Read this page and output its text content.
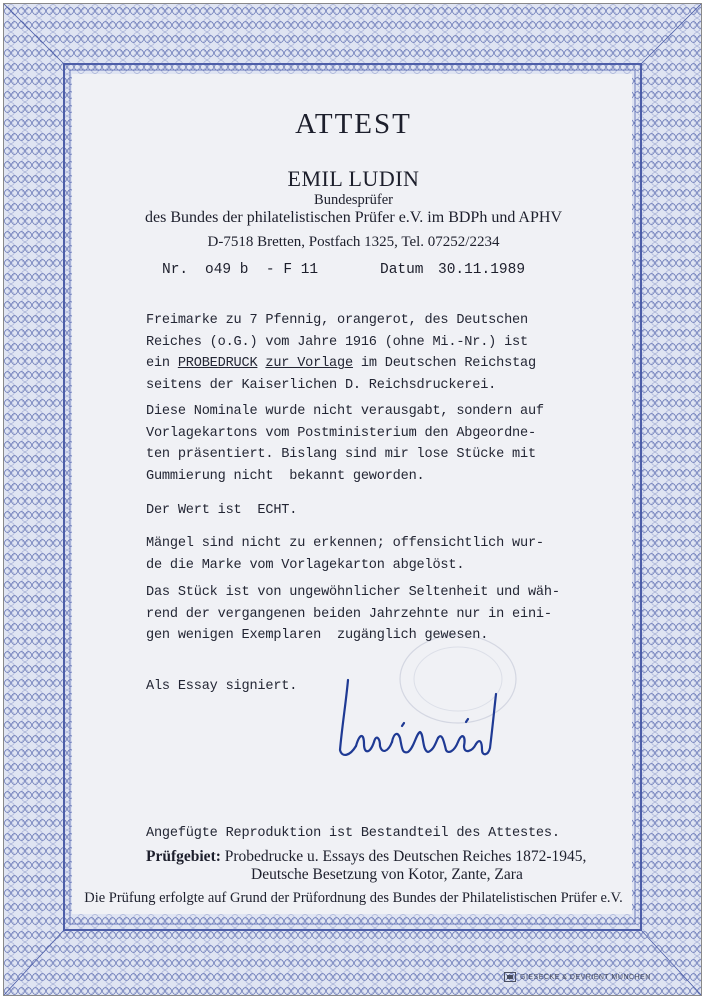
ATTEST
EMIL LUDIN
Bundesprüfer
des Bundes der philatelistischen Prüfer e.V. im BDPh und APHV
D-7518 Bretten, Postfach 1325, Tel. 07252/2234
Nr. o49 b  - F 11	Datum 30.11.1989
Freimarke zu 7 Pfennig, orangerot, des Deutschen
Reiches (o.G.) vom Jahre 1916 (ohne Mi.-Nr.) ist
ein PROBEDRUCK zur Vorlage im Deutschen Reichstag
seitens der Kaiserlichen D. Reichsdruckerei.
Diese Nominale wurde nicht verausgabt, sondern auf
Vorlagekartons vom Postministerium den Abgeordne-
ten präsentiert. Bislang sind mir lose Stücke mit
Gummierung nicht  bekannt geworden.
Der Wert ist  ECHT.
Mängel sind nicht zu erkennen; offensichtlich wur-
de die Marke vom Vorlagekarton abgelöst.
Das Stück ist von ungewöhnlicher Seltenheit und wäh-
rend der vergangenen beiden Jahrzehnte nur in eini-
gen wenigen Exemplaren  zugänglich gewesen.
Als Essay signiert.
Angefügte Reproduktion ist Bestandteil des Attestes.
Prüfgebiet: Probedrucke u. Essays des Deutschen Reiches 1872-1945,
Deutsche Besetzung von Kotor, Zante, Zara
Die Prüfung erfolgte auf Grund der Prüfordnung des Bundes der Philatelistischen Prüfer e.V.
GIESECKE & DEVRIENT MÜNCHEN
